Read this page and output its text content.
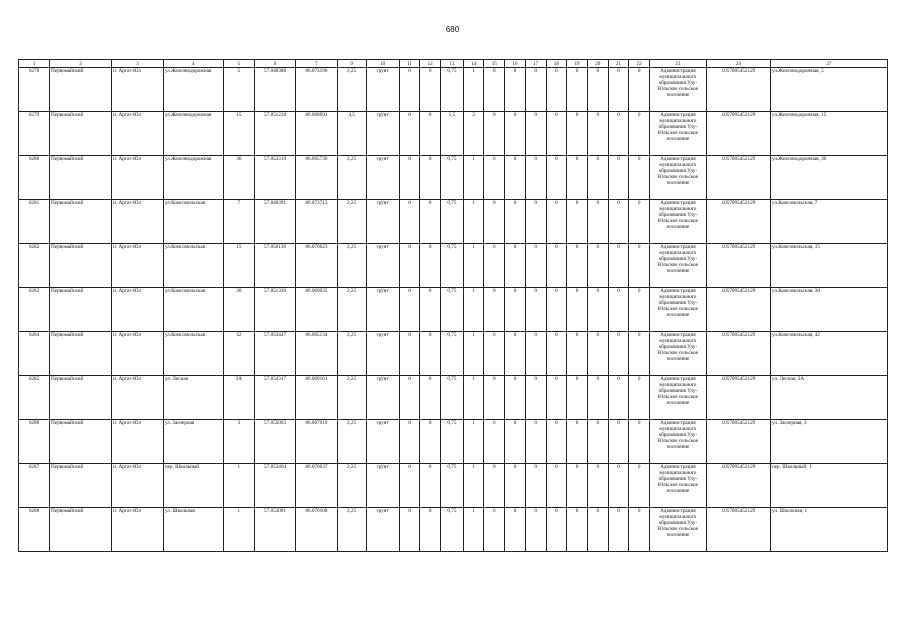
680
1	2	3	4	5	6	7	9	10	11	12	13	14	15	16	17	18	19	20	21	22	23	24	27
6278	Первомайский	п. Аргат-Юл	ул.Железнодорожная	5	57.848388	86.073196	2,25	грунт	0	0	0,75	1	0	0	0	0	0	0	0	0	Администрация муниципального образования Улу-Юльское сельское поселение	1057005452129	ул.Железнодорожная, 5
6279	Первомайский	п. Аргат-Юл	ул.Железнодорожная	15	57.851228	86.068691	4,5	грунт	0	0	1,5	2	0	0	0	0	0	0	0	0	Администрация муниципального образования Улу-Юльское сельское поселение	1057005452129	ул.Железнодорожная, 15
6280	Первомайский	п. Аргат-Юл	ул.Железнодорожная	36	57.853319	86.065730	2,25	грунт	0	0	0,75	1	0	0	0	0	0	0	0	0	Администрация муниципального образования Улу-Юльское сельское поселение	1057005452129	ул.Железнодорожная, 36
6281	Первомайский	п. Аргат-Юл	ул.Комсомольская	7	57.848391	86.073713	2,25	грунт	0	0	0,75	1	0	0	0	0	0	0	0	0	Администрация муниципального образования Улу-Юльское сельское поселение	1057005452129	ул.Комсомольская, 7
6282	Первомайский	п. Аргат-Юл	ул.Комсомольская	15	57.850130	86.070623	2,25	грунт	0	0	0,75	1	0	0	0	0	0	0	0	0	Администрация муниципального образования Улу-Юльское сельское поселение	1057005452129	ул.Комсомольская, 15
6283	Первомайский	п. Аргат-Юл	ул.Комсомольская	30	57.851330	86.069035	2,25	грунт	0	0	0,75	1	0	0	0	0	0	0	0	0	Администрация муниципального образования Улу-Юльское сельское поселение	1057005452129	ул.Комсомольская, 30
6284	Первомайский	п. Аргат-Юл	ул.Комсомольская	42	57.853447	86.065134	2,25	грунт	0	0	0,75	1	0	0	0	0	0	0	0	0	Администрация муниципального образования Улу-Юльское сельское поселение	1057005452129	ул.Комсомольская, 42
6285	Первомайский	п. Аргат-Юл	ул. Лесная	3А	57.854317	86.069161	2,25	грунт	0	0	0,75	1	0	0	0	0	0	0	0	0	Администрация муниципального образования Улу-Юльское сельское поселение	1057005452129	ул. Лесная, 3А
6286	Первомайский	п. Аргат-Юл	ул. Заозерная	3	57.855003	86.067919	2,25	грунт	0	0	0,75	1	0	0	0	0	0	0	0	0	Администрация муниципального образования Улу-Юльское сельское поселение	1057005452129	ул. Заозерная, 3
6287	Первомайский	п. Аргат-Юл	пер. Школьный	1	57.853464	86.070637	2,25	грунт	0	0	0,75	1	0	0	0	0	0	0	0	0	Администрация муниципального образования Улу-Юльское сельское поселение	1057005452129	пер. Школьный, 1
6288	Первомайский	п. Аргат-Юл	ул. Школьная	1	57.853001	86.070108	2,25	грунт	0	0	0,75	1	0	0	0	0	0	0	0	0	Администрация муниципального образования Улу-Юльское сельское поселение	1057005452129	ул. Школьная, 1
